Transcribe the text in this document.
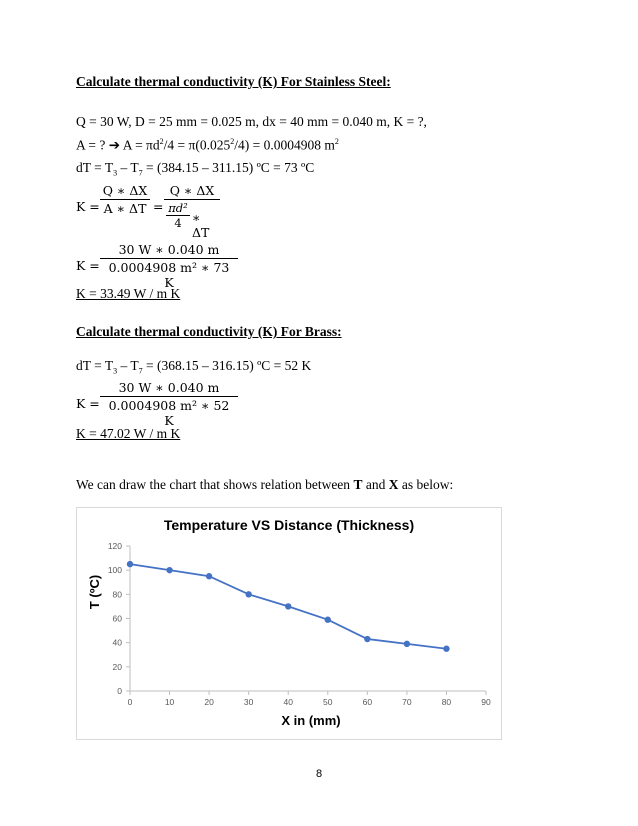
Calculate thermal conductivity (K) For Stainless Steel:
Q = 30 W, D = 25 mm = 0.025 m, dx = 40 mm = 0.040 m, K = ?,
A = ? ➔ $A = \pi d^2/4 = \pi(0.025^2/4) = 0.0004908$ $m^2$
dT = $T_3 - T_7 = (384.15 - 311.15)$ ºC = 73 ºC
K =
Q ∗ ΔX
A ∗ ΔT =
Q ∗ ΔX
πd²
4 ∗ ΔT
K =
30 W ∗ 0.040 m
0.0004908 m² ∗ 73 K
K = 33.49 W / m K
Calculate thermal conductivity (K) For Brass:
dT = $T_3 - T_7 = (368.15 - 316.15)$ ºC = 52 K
K =
30 W ∗ 0.040 m
0.0004908 m² ∗ 52 K
K = 47.02 W / m K
We can draw the chart that shows relation between T and X as below:
Temperature VS Distance (Thickness)
X in (mm)
T (ºC)
0
20
40
60
80
100
120
0	10	20	30	40	50	60	70	80	90
8
